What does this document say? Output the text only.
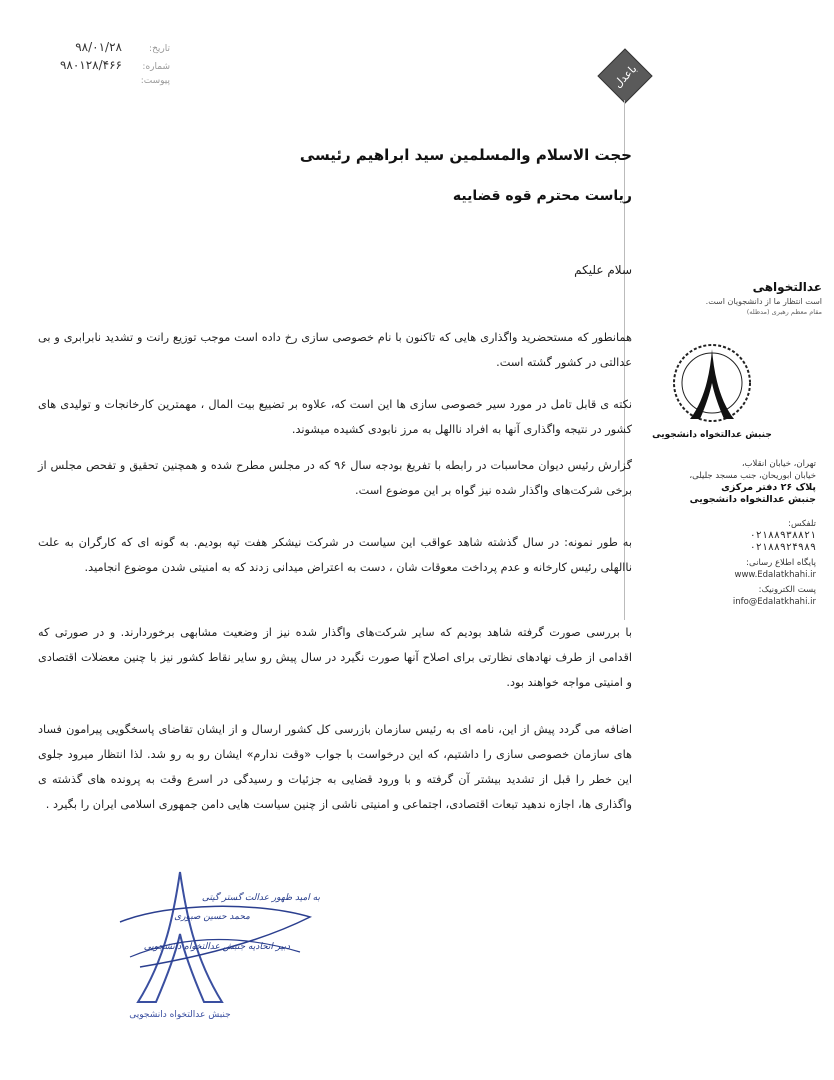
تاریخ:
۹۸/۰۱/۲۸
شماره:
۹۸۰۱۲۸/۴۶۶
پیوست:	باعدل
حجت الاسلام والمسلمین سید ابراهیم رئیسی
ریاست محترم قوه قضاییه
سلام علیکم
همانطور که مستحضرید واگذاری هایی که تاکنون با نام خصوصی سازی رخ داده است موجب توزیع رانت و تشدید نابرابری و بی عدالتی در کشور گشته است.
نکته ی قابل تامل در مورد سیر خصوصی سازی ها این است که، علاوه بر تضییع بیت المال ، مهمترین کارخانجات و تولیدی های کشور در نتیجه واگذاری آنها به افراد ناالهل به مرز نابودی کشیده میشوند.
گزارش رئیس دیوان محاسبات در رابطه با تفریغ بودجه سال ۹۶ که در مجلس مطرح شده و همچنین تحقیق و تفحص مجلس از برخی شرکت‌های واگذار شده نیز گواه بر این موضوع است.
به طور نمونه: در سال گذشته شاهد عواقب این سیاست در شرکت نیشکر هفت تپه بودیم. به گونه ای که کارگران به علت ناالهلی رئیس کارخانه و عدم پرداخت معوقات شان ، دست به اعتراض میدانی زدند که به امنیتی شدن موضوع انجامید.
با بررسی صورت گرفته شاهد بودیم که سایر شرکت‌های واگذار شده نیز از وضعیت مشابهی برخوردارند. و در صورتی که اقدامی از طرف نهادهای نظارتی برای اصلاح آنها صورت نگیرد در سال پیش رو سایر نقاط کشور نیز با چنین معضلات اقتصادی و امنیتی مواجه خواهند بود.
اضافه می گردد پیش از این، نامه ای به رئیس سازمان بازرسی کل کشور ارسال و از ایشان تقاضای پاسخگویی پیرامون فساد های سازمان خصوصی سازی را داشتیم، که این درخواست با جواب «وقت ندارم» ایشان رو به رو شد. لذا انتظار میرود جلوی این خطر را قبل از تشدید بیشتر آن گرفته و با ورود قضایی به جزئیات و رسیدگی در اسرع وقت به پرونده های گذشته ی واگذاری ها، اجازه ندهید تبعات اقتصادی، اجتماعی و امنیتی ناشی از چنین سیاست هایی دامن جمهوری اسلامی ایران را بگیرد .
عدالتخواهی
است انتظار ما از دانشجویان است.
مقام معظم رهبری (مدظله)
جنبش عدالتخواه دانشجویی
تهران، خیابان انقلاب،
خیابان ابوریحان، جنب مسجد جلیلی،
پلاک ۲۶ دفتر مرکزی
جنبش عدالتخواه دانشجویی
تلفکس:
۰۲۱۸۸۹۳۸۸۲۱
۰۲۱۸۸۹۲۴۹۸۹
پایگاه اطلاع رسانی:
www.Edalatkhahi.ir
پست الکترونیک:
info@Edalatkhahi.ir
جنبش عدالتخواه دانشجویی
به امید ظهور عدالت گستر گیتی
محمد حسین صبوری
دبیر اتحادیه جنبش عدالتخواه دانشجویی
